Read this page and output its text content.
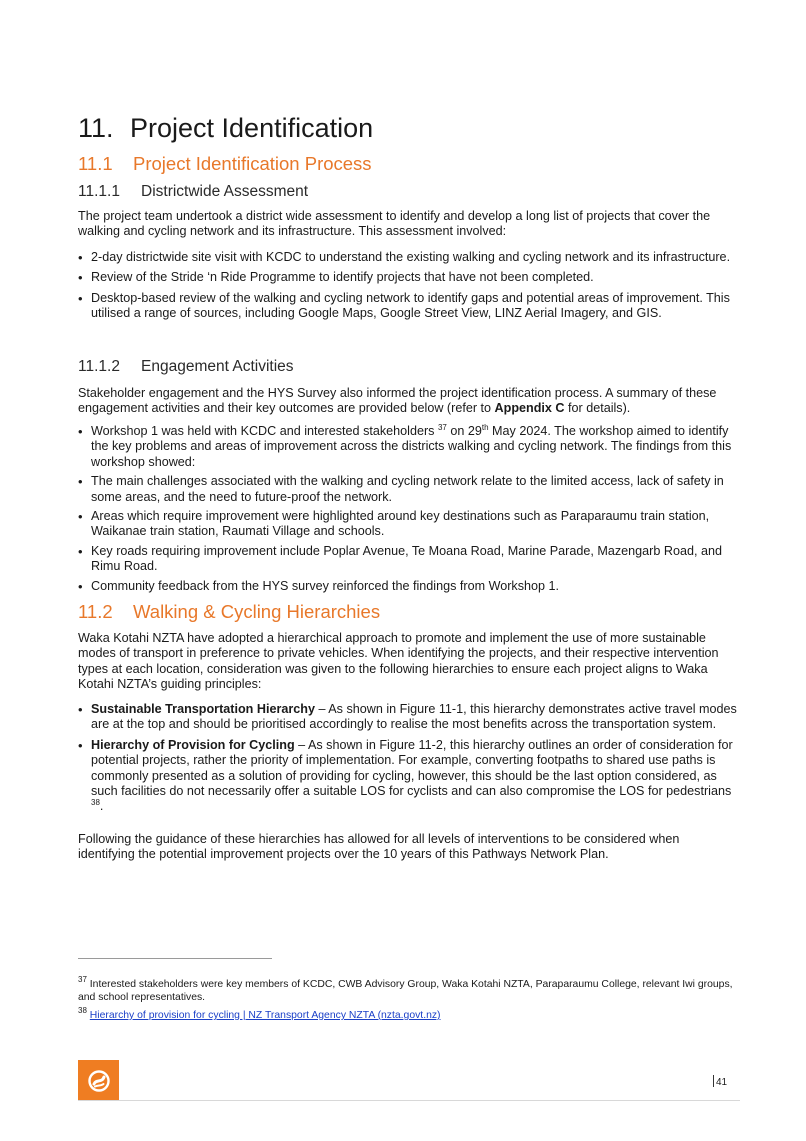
11. Project Identification
11.1 Project Identification Process
11.1.1 Districtwide Assessment

The project team undertook a district wide assessment to identify and develop a long list of projects that cover the walking and cycling network and its infrastructure. This assessment involved:

• 2-day districtwide site visit with KCDC to understand the existing walking and cycling network and its infrastructure.
• Review of the Stride ‘n Ride Programme to identify projects that have not been completed.
• Desktop-based review of the walking and cycling network to identify gaps and potential areas of improvement. This utilised a range of sources, including Google Maps, Google Street View, LINZ Aerial Imagery, and GIS.
11.1.2 Engagement Activities

Stakeholder engagement and the HYS Survey also informed the project identification process. A summary of these engagement activities and their key outcomes are provided below (refer to Appendix C for details).

• Workshop 1 was held with KCDC and interested stakeholders $^{37}$ on 29th May 2024. The workshop aimed to identify the key problems and areas of improvement across the districts walking and cycling network. The findings from this workshop showed:
• The main challenges associated with the walking and cycling network relate to the limited access, lack of safety in some areas, and the need to future-proof the network.
• Areas which require improvement were highlighted around key destinations such as Paraparaumu train station, Waikanae train station, Raumati Village and schools.
• Key roads requiring improvement include Poplar Avenue, Te Moana Road, Marine Parade, Mazengarb Road, and Rimu Road.
• Community feedback from the HYS survey reinforced the findings from Workshop 1.
11.2 Walking & Cycling Hierarchies

Waka Kotahi NZTA have adopted a hierarchical approach to promote and implement the use of more sustainable modes of transport in preference to private vehicles. When identifying the projects, and their respective intervention types at each location, consideration was given to the following hierarchies to ensure each project aligns to Waka Kotahi NZTA’s guiding principles:

• Sustainable Transportation Hierarchy – As shown in Figure 11-1, this hierarchy demonstrates active travel modes are at the top and should be prioritised accordingly to realise the most benefits across the transportation system.
• Hierarchy of Provision for Cycling – As shown in Figure 11-2, this hierarchy outlines an order of consideration for potential projects, rather the priority of implementation. For example, converting footpaths to shared use paths is commonly presented as a solution of providing for cycling, however, this should be the last option considered, as such facilities do not necessarily offer a suitable LOS for cyclists and can also compromise the LOS for pedestrians $^{38}$.

Following the guidance of these hierarchies has allowed for all levels of interventions to be considered when identifying the potential improvement projects over the 10 years of this Pathways Network Plan.

$^{37}$ Interested stakeholders were key members of KCDC, CWB Advisory Group, Waka Kotahi NZTA, Paraparaumu College, relevant Iwi groups, and school representatives.

$^{38}$ Hierarchy of provision for cycling | NZ Transport Agency NZTA (nzta.govt.nz)

41
